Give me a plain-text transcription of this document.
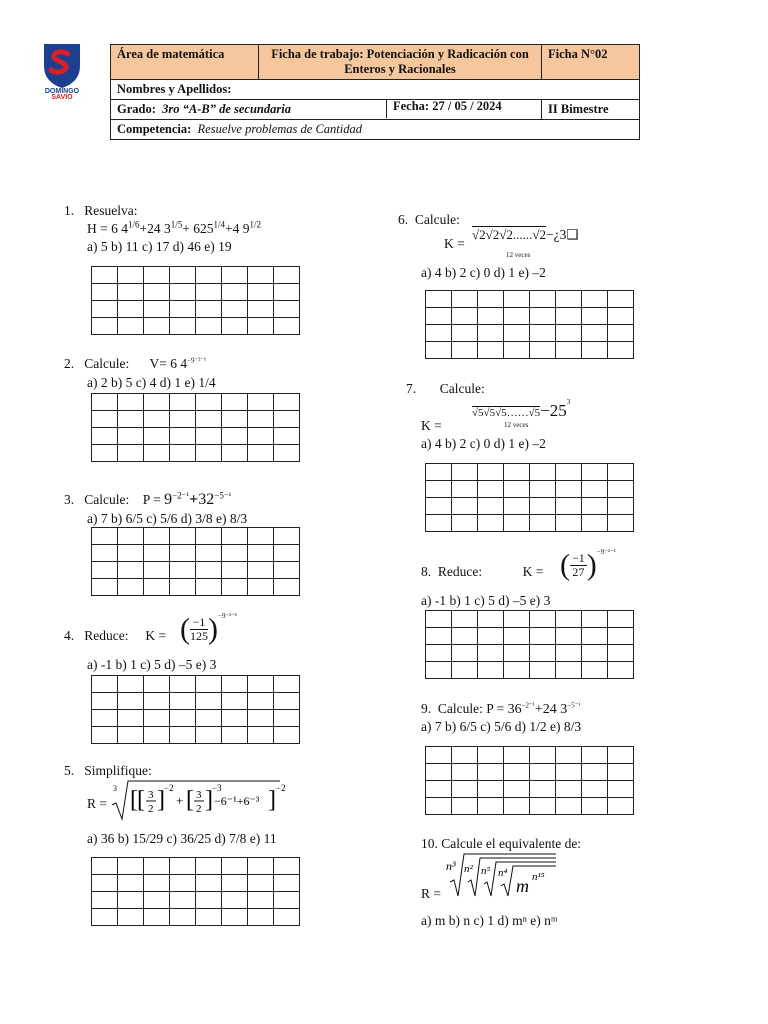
DOMINGO
SAVIO
Área de matemática	Ficha de trabajo: Potenciación y Radicación con Enteros y Racionales	Ficha N°02
Nombres y Apellidos:		
Grado: 3ro “A-B” de secundaria Fecha: 27 / 05 / 2024		II Bimestre
Competencia: Resuelve problemas de Cantidad		
1. Resuelva:
H = 6 $4^{1/6}+24$ $3^{1/5}+ 625^{1/4}+4$ $9^{1/2}$
a) 5 b) 11 c) 17 d) 46 e) 19

2. Calcule:      V= 6 $4^{-9^{-2-1}}$
a) 2 b) 5 c) 4 d) 1 e) 1/4

3. Calcule:    $P = 9^{-2^{-1}}+32^{-5^{-1}}$
a) 7 b) 6/5 c) 5/6 d) 3/8 e) 8/3

4. Reduce:     K = ( $\frac{-1}{125} )^{-9^{-2-1}}$
a) -1 b) 1 c) 5 d) –5 e) 3

5. Simplifique:
R =
3 [ [ 3
2 ] −2
+ [ 3
2 ] −3
−6⁻¹+6⁻³ ] −2
a) 36 b) 15/29 c) 36/25 d) 7/8 e) 11

6. Calcule:
K =
√2√2√2......√2−¿3❑
12 veces
a) 4 b) 2 c) 0 d) 1 e) –2

7. Calcule:
K =
$√5√5√5\dots\dots√5-25^3$
12 veces
a) 4 b) 2 c) 0 d) 1 e) –2

8. Reduce:	K = ( $\frac{-1}{27} )^{-9^{-2-1}}$
a) -1 b) 1 c) 5 d) –5 e) 3

9. Calcule: $P = 36^{-2^{-1}}+24$ $3^{-5^{-1}}$
a) 7 b) 6/5 c) 5/6 d) 1/2 e) 8/3

10. Calcule el equivalente de:
R =
n³ n² n⁵ n⁴
m n¹⁵
a) m b) n c) 1 d) mⁿ e) nᵐ
